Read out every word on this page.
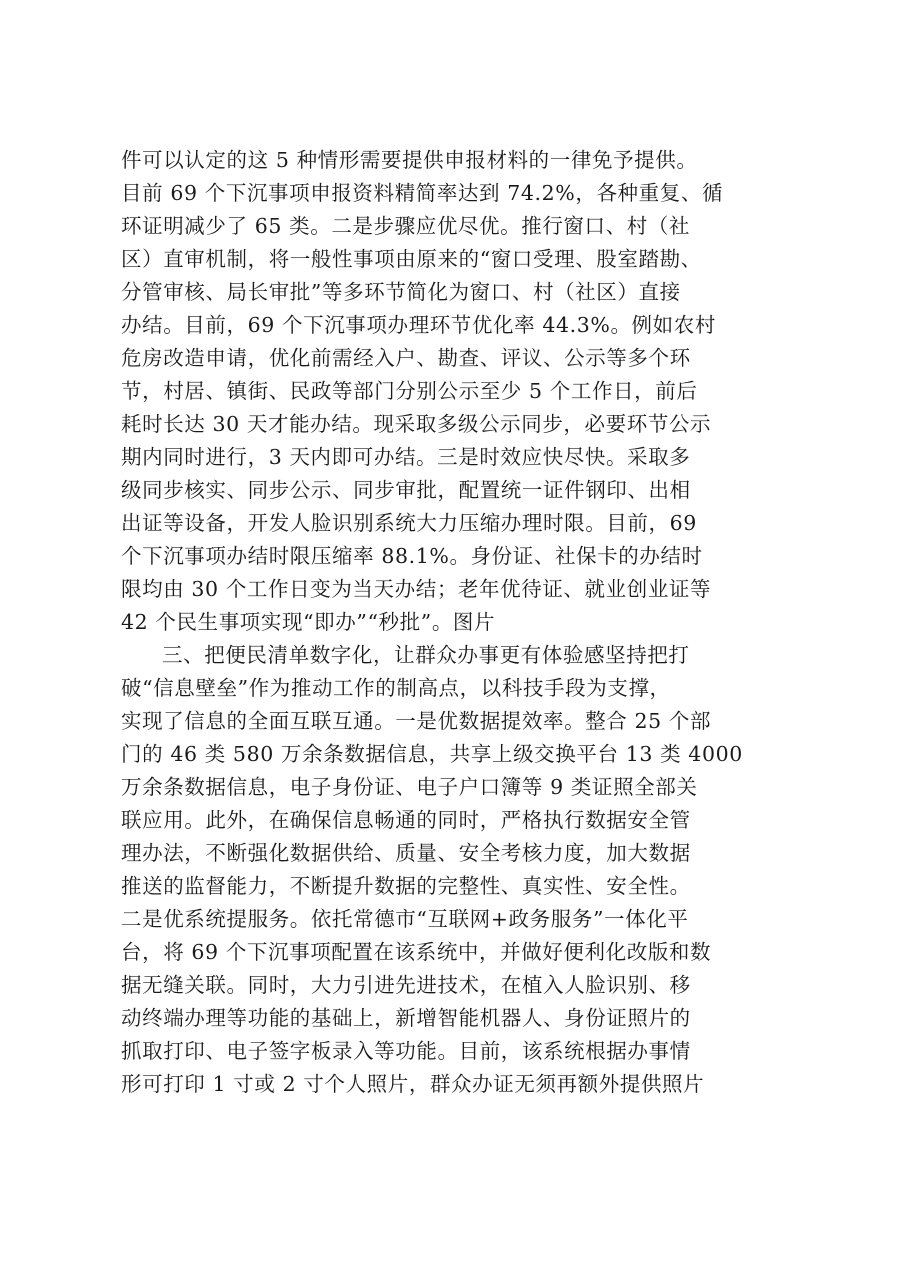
件可以认定的这 5 种情形需要提供申报材料的一律免予提供。
目前 69 个下沉事项申报资料精简率达到 74.2%，各种重复、循
环证明减少了 65 类。二是步骤应优尽优。推行窗口、村（社
区）直审机制，将一般性事项由原来的“窗口受理、股室踏勘、
分管审核、局长审批”等多环节简化为窗口、村（社区）直接
办结。目前，69 个下沉事项办理环节优化率 44.3%。例如农村
危房改造申请，优化前需经入户、勘查、评议、公示等多个环
节，村居、镇街、民政等部门分别公示至少 5 个工作日，前后
耗时长达 30 天才能办结。现采取多级公示同步，必要环节公示
期内同时进行，3 天内即可办结。三是时效应快尽快。采取多
级同步核实、同步公示、同步审批，配置统一证件钢印、出相
出证等设备，开发人脸识别系统大力压缩办理时限。目前，69
个下沉事项办结时限压缩率 88.1%。身份证、社保卡的办结时
限均由 30 个工作日变为当天办结；老年优待证、就业创业证等
42 个民生事项实现“即办”“秒批”。图片
三、把便民清单数字化，让群众办事更有体验感坚持把打
破“信息壁垒”作为推动工作的制高点，以科技手段为支撑，
实现了信息的全面互联互通。一是优数据提效率。整合 25 个部
门的 46 类 580 万余条数据信息，共享上级交换平台 13 类 4000
万余条数据信息，电子身份证、电子户口簿等 9 类证照全部关
联应用。此外，在确保信息畅通的同时，严格执行数据安全管
理办法，不断强化数据供给、质量、安全考核力度，加大数据
推送的监督能力，不断提升数据的完整性、真实性、安全性。
二是优系统提服务。依托常德市“互联网+政务服务”一体化平
台，将 69 个下沉事项配置在该系统中，并做好便利化改版和数
据无缝关联。同时，大力引进先进技术，在植入人脸识别、移
动终端办理等功能的基础上，新增智能机器人、身份证照片的
抓取打印、电子签字板录入等功能。目前，该系统根据办事情
形可打印 1 寸或 2 寸个人照片，群众办证无须再额外提供照片
